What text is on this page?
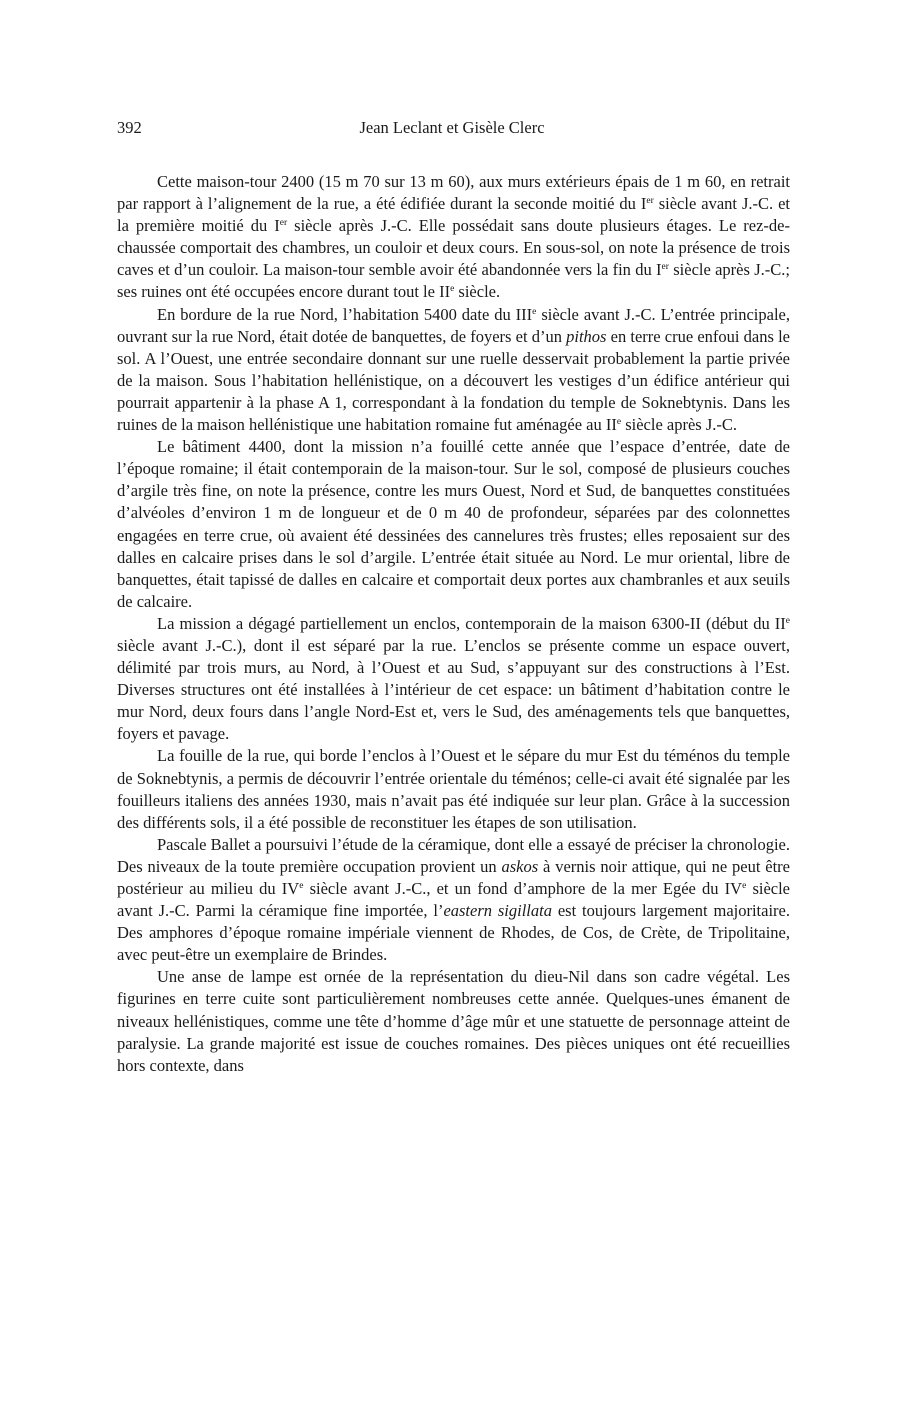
392	Jean Leclant et Gisèle Clerc

Cette maison-tour 2400 (15 m 70 sur 13 m 60), aux murs extérieurs épais de 1 m 60, en retrait par rapport à l’alignement de la rue, a été édifiée durant la seconde moitié du Ier siècle avant J.-C. et la première moitié du Ier siècle après J.-C. Elle possédait sans doute plusieurs étages. Le rez-de-chaussée comportait des chambres, un couloir et deux cours. En sous-sol, on note la présence de trois caves et d’un couloir. La maison-tour semble avoir été abandonnée vers la fin du Ier siècle après J.-C.; ses ruines ont été occupées encore durant tout le IIe siècle.

En bordure de la rue Nord, l’habitation 5400 date du IIIe siècle avant J.-C. L’entrée principale, ouvrant sur la rue Nord, était dotée de banquettes, de foyers et d’un pithos en terre crue enfoui dans le sol. A l’Ouest, une entrée secondaire donnant sur une ruelle desservait probablement la partie privée de la maison. Sous l’habitation hellénistique, on a découvert les vestiges d’un édifice antérieur qui pourrait appartenir à la phase A 1, correspondant à la fondation du temple de Soknebtynis. Dans les ruines de la maison hellénistique une habitation romaine fut aménagée au IIe siècle après J.-C.

Le bâtiment 4400, dont la mission n’a fouillé cette année que l’espace d’entrée, date de l’époque romaine; il était contemporain de la maison-tour. Sur le sol, composé de plusieurs couches d’argile très fine, on note la présence, contre les murs Ouest, Nord et Sud, de banquettes constituées d’alvéoles d’environ 1 m de longueur et de 0 m 40 de profondeur, séparées par des colonnettes engagées en terre crue, où avaient été dessinées des cannelures très frustes; elles reposaient sur des dalles en calcaire prises dans le sol d’argile. L’entrée était située au Nord. Le mur oriental, libre de banquettes, était tapissé de dalles en calcaire et comportait deux portes aux chambranles et aux seuils de calcaire.

La mission a dégagé partiellement un enclos, contemporain de la maison 6300-II (début du IIe siècle avant J.-C.), dont il est séparé par la rue. L’enclos se présente comme un espace ouvert, délimité par trois murs, au Nord, à l’Ouest et au Sud, s’appuyant sur des constructions à l’Est. Diverses structures ont été installées à l’intérieur de cet espace: un bâtiment d’habitation contre le mur Nord, deux fours dans l’angle Nord-Est et, vers le Sud, des aménagements tels que banquettes, foyers et pavage.

La fouille de la rue, qui borde l’enclos à l’Ouest et le sépare du mur Est du téménos du temple de Soknebtynis, a permis de découvrir l’entrée orientale du téménos; celle-ci avait été signalée par les fouilleurs italiens des années 1930, mais n’avait pas été indiquée sur leur plan. Grâce à la succession des différents sols, il a été possible de reconstituer les étapes de son utilisation.

Pascale Ballet a poursuivi l’étude de la céramique, dont elle a essayé de préciser la chronologie. Des niveaux de la toute première occupation provient un askos à vernis noir attique, qui ne peut être postérieur au milieu du IVe siècle avant J.-C., et un fond d’amphore de la mer Egée du IVe siècle avant J.-C. Parmi la céramique fine importée, l’eastern sigillata est toujours largement majoritaire. Des amphores d’époque romaine impériale viennent de Rhodes, de Cos, de Crète, de Tripolitaine, avec peut-être un exemplaire de Brindes.

Une anse de lampe est ornée de la représentation du dieu-Nil dans son cadre végétal. Les figurines en terre cuite sont particulièrement nombreuses cette année. Quelques-unes émanent de niveaux hellénistiques, comme une tête d’homme d’âge mûr et une statuette de personnage atteint de paralysie. La grande majorité est issue de couches romaines. Des pièces uniques ont été recueillies hors contexte, dans
